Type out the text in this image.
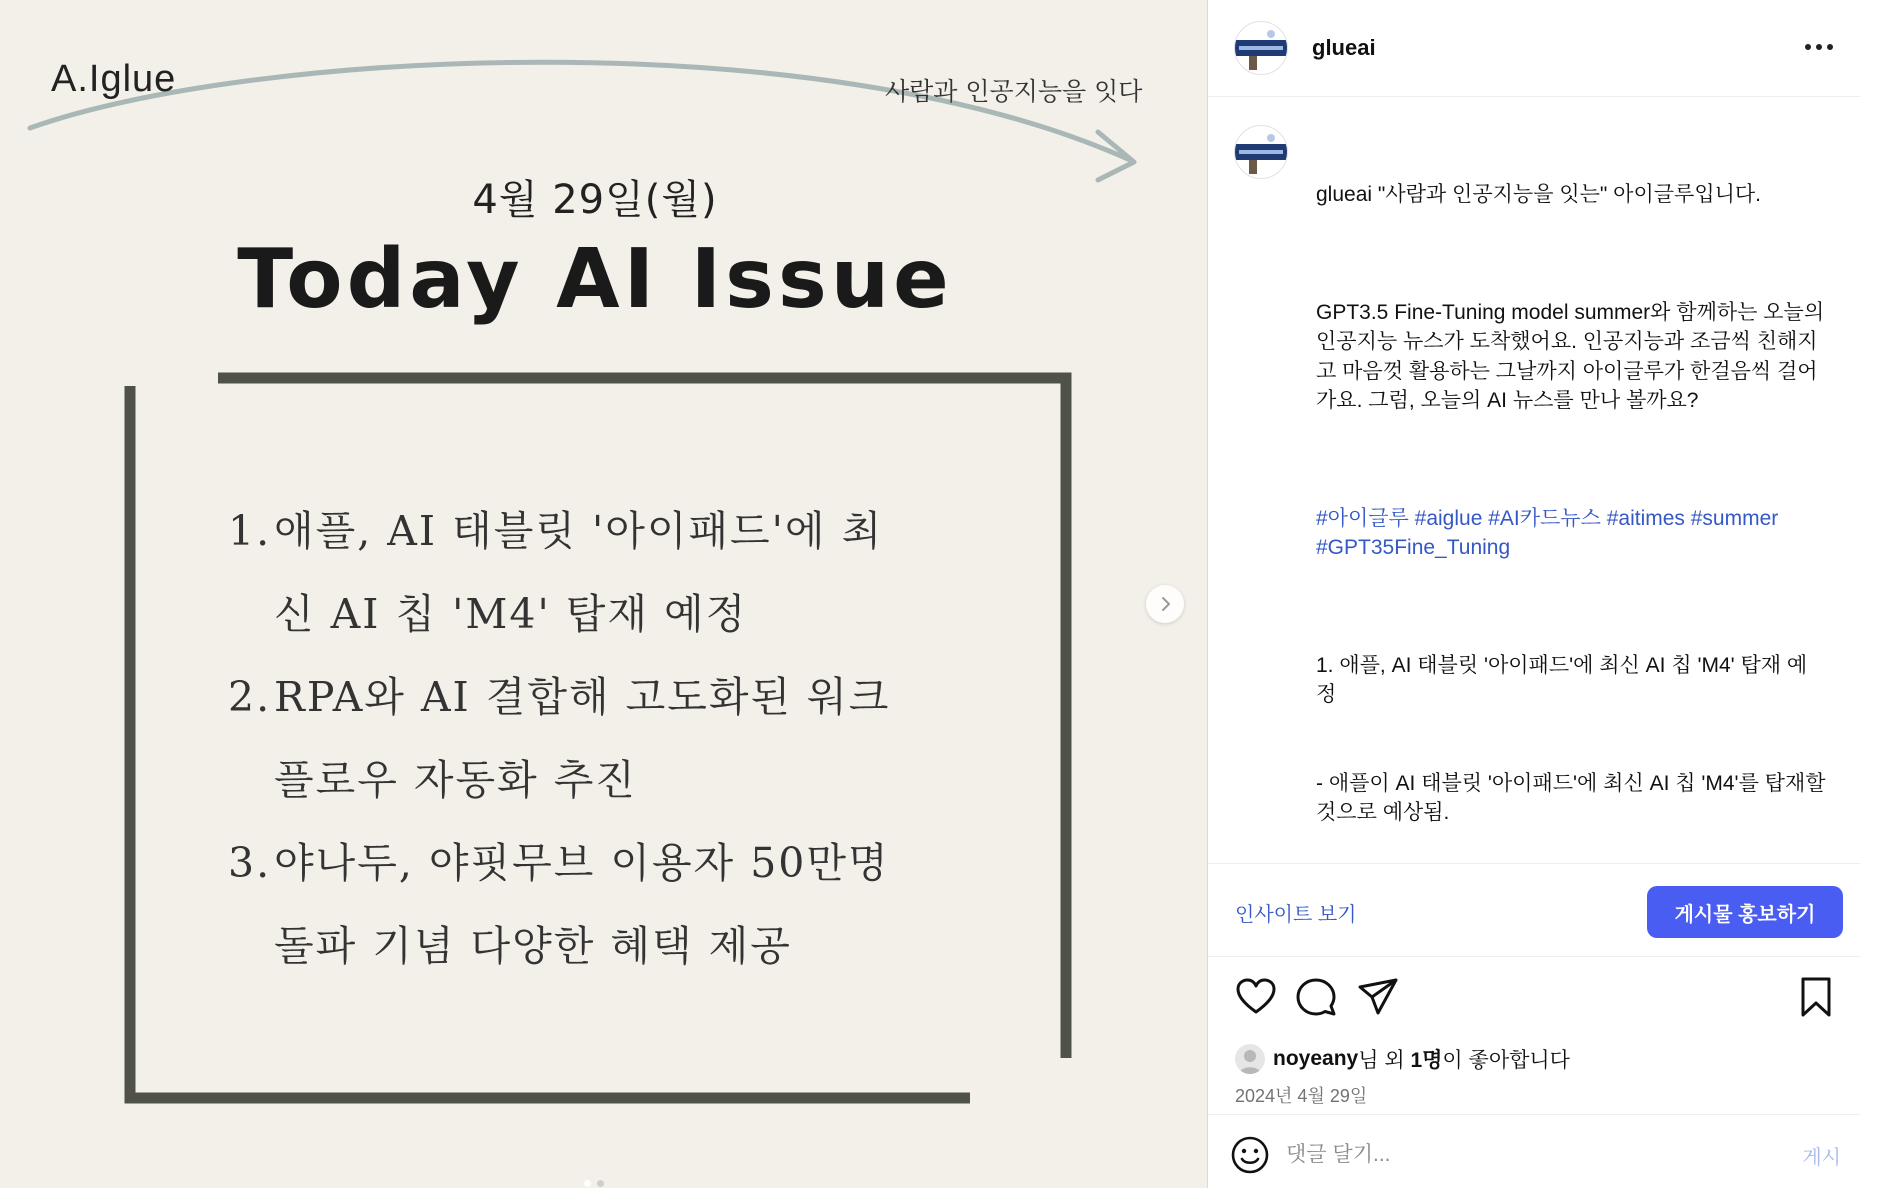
A.Iglue	사람과 인공지능을 잇다
4월 29일(월)
Today AI Issue
1. 애플, AI 태블릿 '아이패드'에 최
신 AI 칩 'M4' 탑재 예정
2. RPA와 AI 결합해 고도화된 워크
플로우 자동화 추진
3. 야나두, 야핏무브 이용자 50만명
돌파 기념 다양한 혜택 제공
glueai

glueai "사람과 인공지능을 잇는" 아이글루입니다.

GPT3.5 Fine-Tuning model summer와 함께하는 오늘의 인공지능 뉴스가 도착했어요. 인공지능과 조금씩 친해지고 마음껏 활용하는 그날까지 아이글루가 한걸음씩 걸어가요. 그럼, 오늘의 AI 뉴스를 만나 볼까요?

#아이글루 #aiglue #AI카드뉴스 #aitimes #summer #GPT35Fine_Tuning

1. 애플, AI 태블릿 '아이패드'에 최신 AI 칩 'M4' 탑재 예정

- 애플이 AI 태블릿 '아이패드'에 최신 AI 칩 'M4'를 탑재할 것으로 예상됨.

인사이트 보기	게시물 홍보하기
noyeany 님 외 1명 이 좋아합니다
2024년 4월 29일
댓글 달기...
게시
